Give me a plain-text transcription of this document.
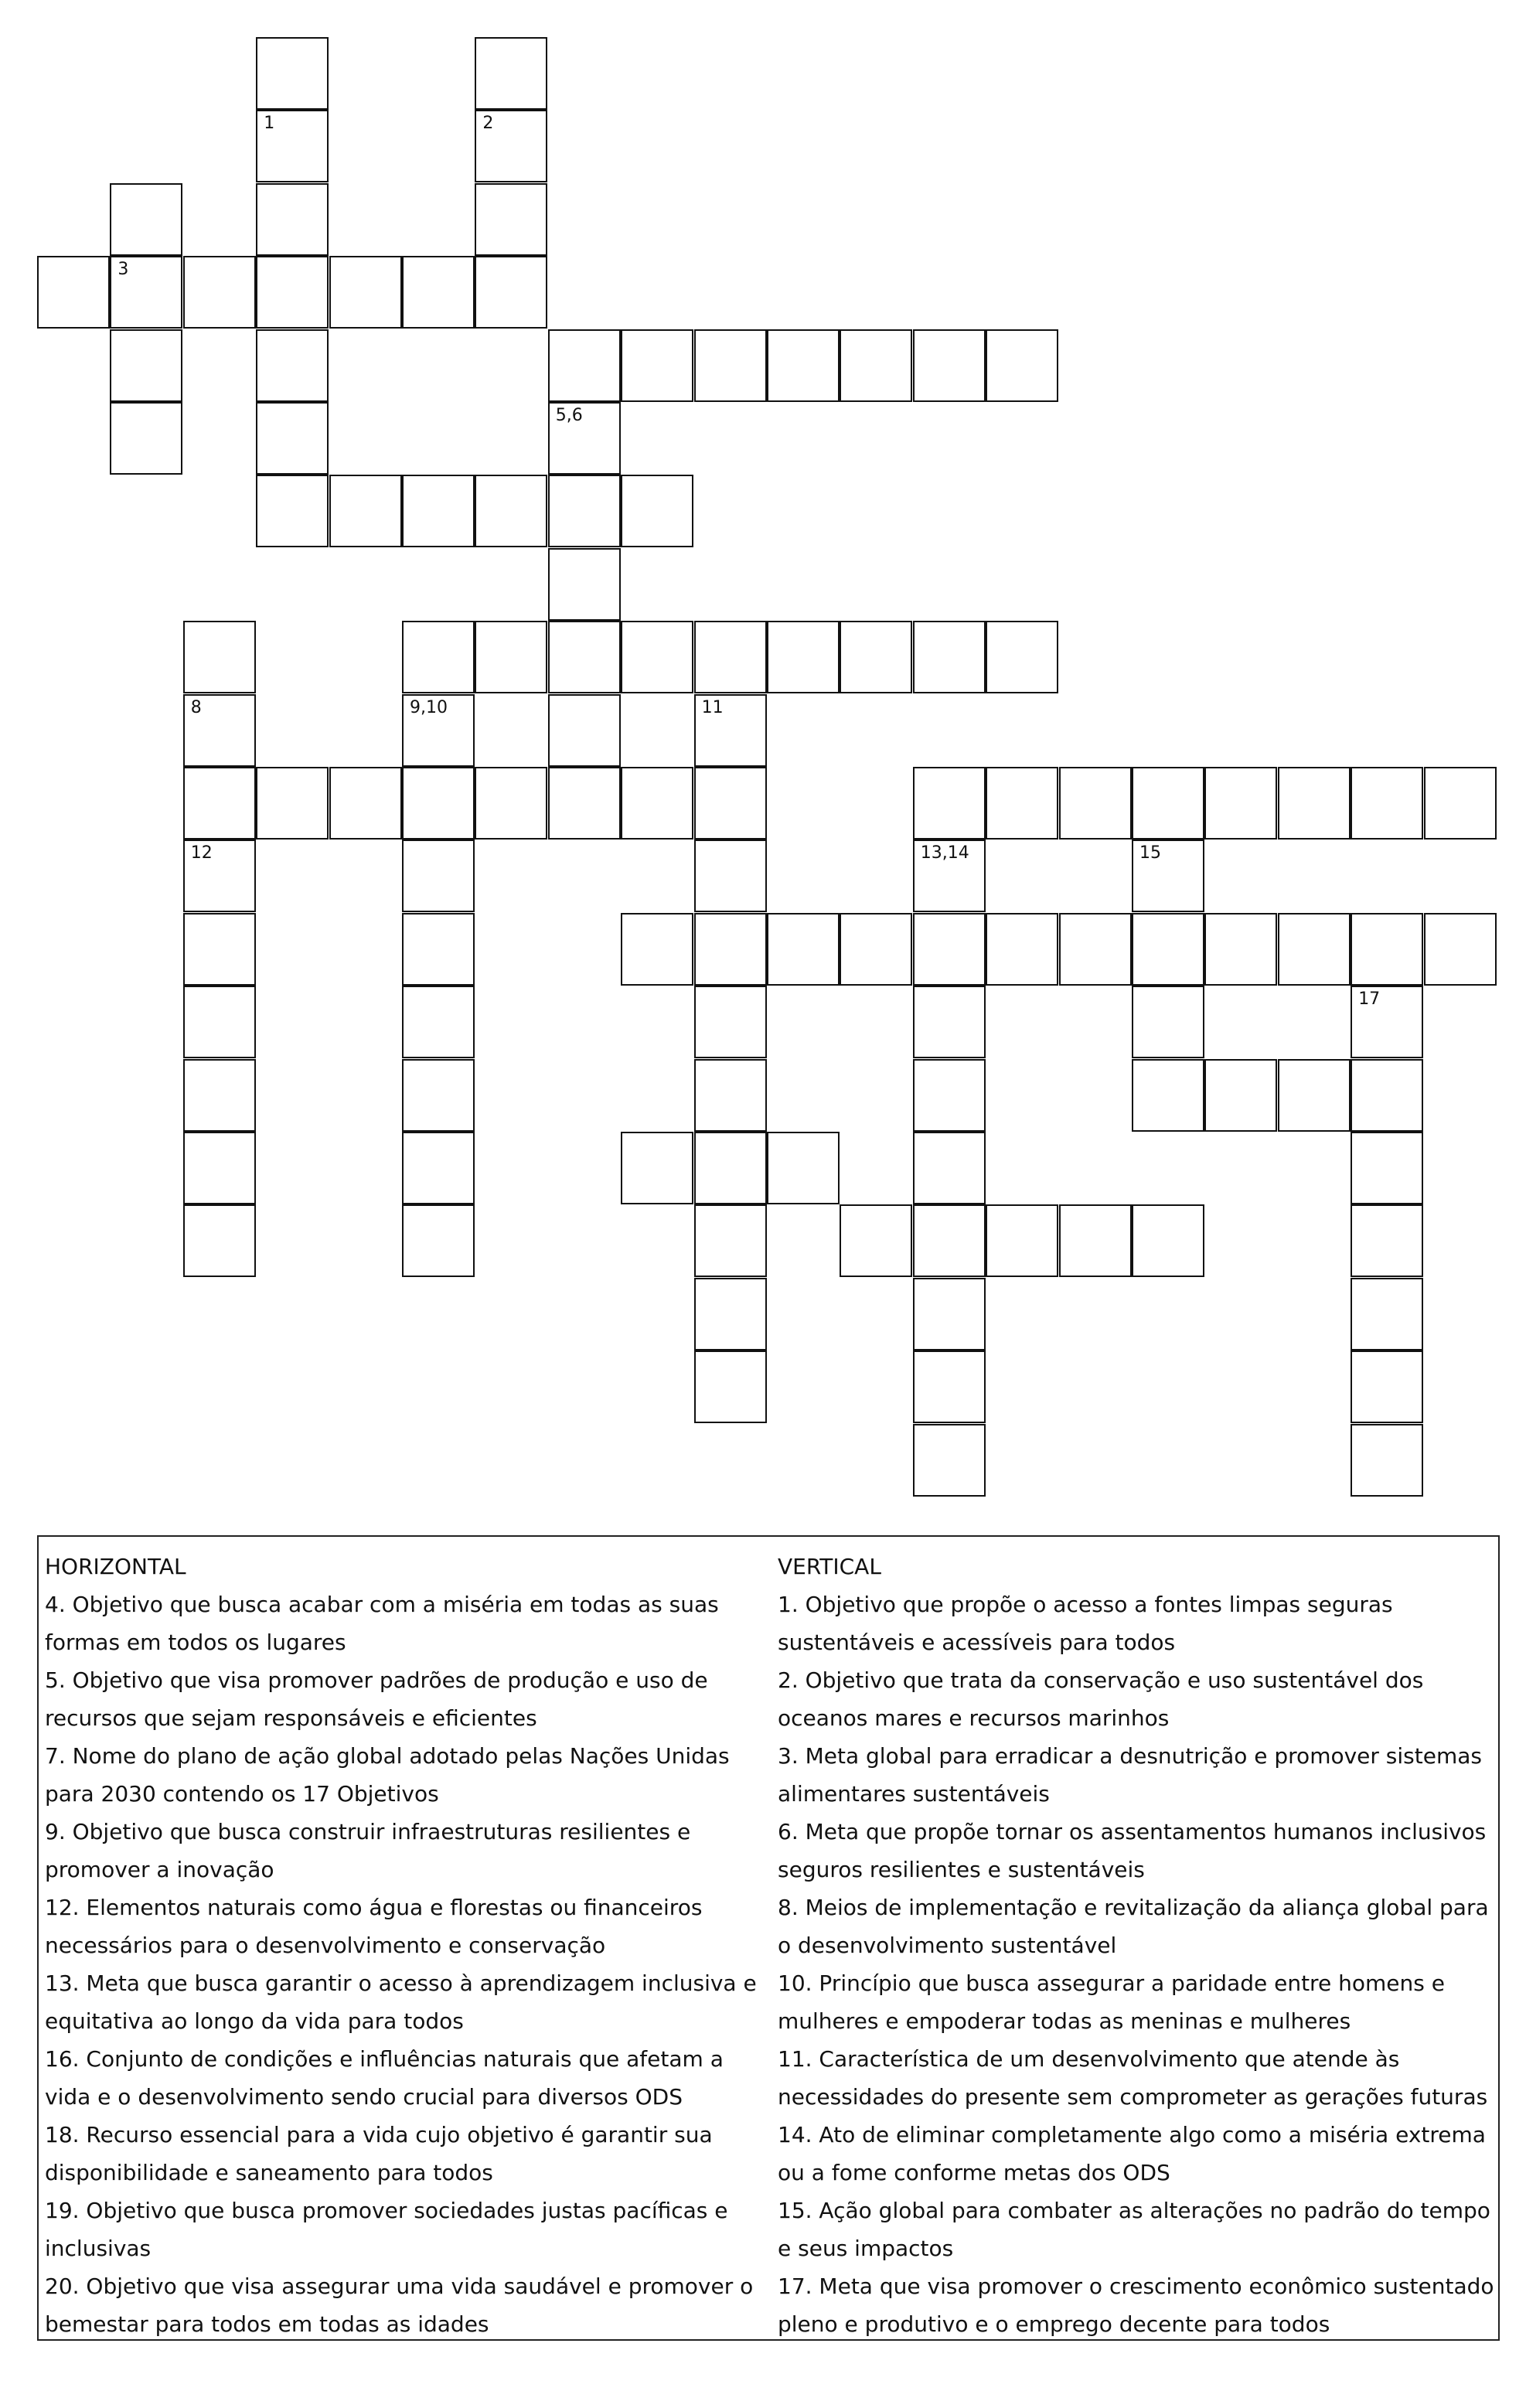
3
1	2
5,6
8
12
9,10	11
13,14	15
17
HORIZONTAL
4. Objetivo que busca acabar com a miséria em todas as suas formas em todos os lugares
5. Objetivo que visa promover padrões de produção e uso de recursos que sejam responsáveis e eficientes
7. Nome do plano de ação global adotado pelas Nações Unidas para 2030 contendo os 17 Objetivos
9. Objetivo que busca construir infraestruturas resilientes e promover a inovação
12. Elementos naturais como água e florestas ou financeiros necessários para o desenvolvimento e conservação
13. Meta que busca garantir o acesso à aprendizagem inclusiva e equitativa ao longo da vida para todos
16. Conjunto de condições e influências naturais que afetam a vida e o desenvolvimento sendo crucial para diversos ODS
18. Recurso essencial para a vida cujo objetivo é garantir sua disponibilidade e saneamento para todos
19. Objetivo que busca promover sociedades justas pacíficas e inclusivas
20. Objetivo que visa assegurar uma vida saudável e promover o bemestar para todos em todas as idades
VERTICAL
1. Objetivo que propõe o acesso a fontes limpas seguras sustentáveis e acessíveis para todos
2. Objetivo que trata da conservação e uso sustentável dos oceanos mares e recursos marinhos
3. Meta global para erradicar a desnutrição e promover sistemas alimentares sustentáveis
6. Meta que propõe tornar os assentamentos humanos inclusivos seguros resilientes e sustentáveis
8. Meios de implementação e revitalização da aliança global para o desenvolvimento sustentável
10. Princípio que busca assegurar a paridade entre homens e mulheres e empoderar todas as meninas e mulheres
11. Característica de um desenvolvimento que atende às necessidades do presente sem comprometer as gerações futuras
14. Ato de eliminar completamente algo como a miséria extrema ou a fome conforme metas dos ODS
15. Ação global para combater as alterações no padrão do tempo e seus impactos
17. Meta que visa promover o crescimento econômico sustentado pleno e produtivo e o emprego decente para todos
